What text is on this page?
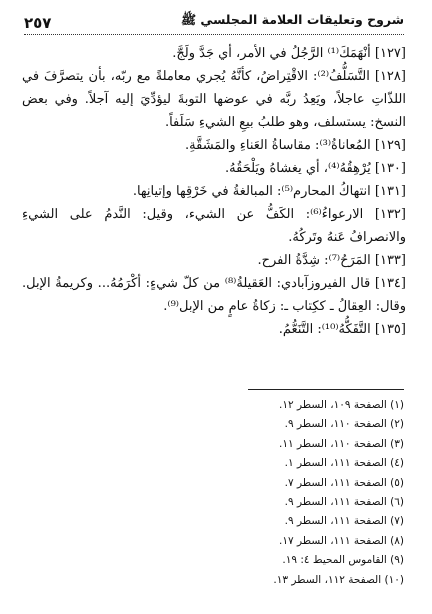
شروح وتعليقات العلامة المجلسي ﷺ
٢٥٧

[١٢٧] أنْهَمَكَ⁽¹⁾ الرَّجُلُ في الأمر، أي جَدَّ ولَجَّ.

[١٢٨] التَّسَلُّفُ⁽²⁾: الاقْتِراضُ، كأنَّهُ يُجري معاملةً مع ربّه، بأن يتصرَّفَ في اللذّاتِ عاجلاً، ويَعِدُ ربَّه في عوضها التوبةَ ليؤدِّيَ إليه آجلاً. وفي بعض النسخ: يستسلف، وهو طلبُ بيعِ الشيءِ سَلَفاً.

[١٢٩] المُعاناةُ⁽³⁾: مقاساةُ العَناءِ والمَشَقَّةِ.

[١٣٠] يُرْهِقُهُ⁽⁴⁾، أي يغشاهُ ويَلْحَقُهُ.

[١٣١] انتهاكُ المحارم⁽⁵⁾: المبالغةُ في خَرْقِها وإتيانِها.

[١٣٢] الارعواءُ⁽⁶⁾: الكَفُّ عن الشيء، وقيل: النَّدمُ على الشيءِ والانصرافُ عَنهُ وتَركُهُ.

[١٣٣] المَرَحُ⁽⁷⁾: شِدَّةُ الفرح.

[١٣٤] قال الفيروزآبادي: العَقيلةُ⁽⁸⁾ من كلّ شيءٍ: أكْرَمُهُ... وكريمةُ الإبل. وقال: العِقالُ ـ ككِتاب ـ: زكاةُ عامٍ من الإبل⁽⁹⁾.

[١٣٥] التَّفَكُّهُ⁽¹⁰⁾: التَّنَعُّمُ.

(١) الصفحة ١٠٩، السطر ١٢.
(٢) الصفحة ١١٠، السطر ٩.
(٣) الصفحة ١١٠، السطر ١١.
(٤) الصفحة ١١١، السطر ١.
(٥) الصفحة ١١١، السطر ٧.
(٦) الصفحة ١١١، السطر ٩.
(٧) الصفحة ١١١، السطر ٩.
(٨) الصفحة ١١١، السطر ١٧.
(٩) القاموس المحيط ٤: ١٩.
(١٠) الصفحة ١١٢، السطر ١٣.
